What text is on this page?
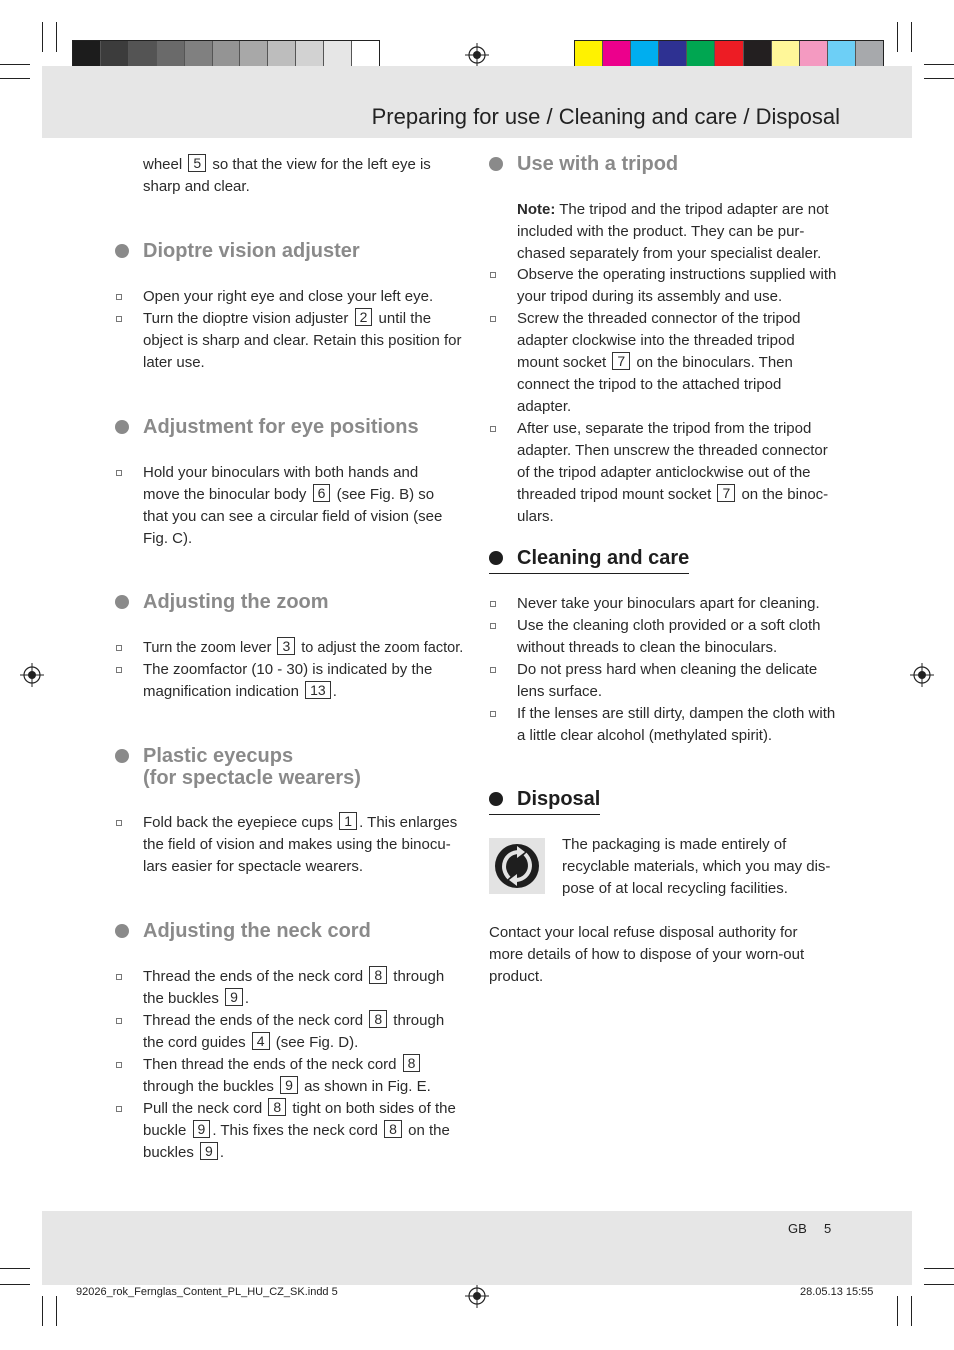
Preparing for use / Cleaning and care / Disposal
GB 5
92026_rok_Fernglas_Content_PL_HU_CZ_SK.indd 5	28.05.13 15:55
wheel 5 so that the view for the left eye is sharp and clear.
Dioptre vision adjuster
Open your right eye and close your left eye.
Turn the dioptre vision adjuster 2 until the object is sharp and clear. Retain this position for later use.
Adjustment for eye positions
Hold your binoculars with both hands and move the binocular body 6 (see Fig. B) so that you can see a circular field of vision (see Fig. C).
Adjusting the zoom
Turn the zoom lever 3 to adjust the zoom factor.
The zoomfactor (10 - 30) is indicated by the magnification indication 13 .
Plastic eyecups
(for spectacle wearers)
Fold back the eyepiece cups 1 . This enlarges the field of vision and makes using the binocu-lars easier for spectacle wearers.
Adjusting the neck cord
Thread the ends of the neck cord 8 through the buckles 9 .
Thread the ends of the neck cord 8 through the cord guides 4 (see Fig. D).
Then thread the ends of the neck cord 8 through the buckles 9 as shown in Fig. E.
Pull the neck cord 8 tight on both sides of the buckle 9 . This fixes the neck cord 8 on the buckles 9 .
Use with a tripod
Note: The tripod and the tripod adapter are not included with the product. They can be pur-chased separately from your specialist dealer.
Observe the operating instructions supplied with your tripod during its assembly and use.
Screw the threaded connector of the tripod adapter clockwise into the threaded tripod mount socket 7 on the binoculars. Then connect the tripod to the attached tripod adapter.
After use, separate the tripod from the tripod adapter. Then unscrew the threaded connector of the tripod adapter anticlockwise out of the threaded tripod mount socket 7 on the binoc-ulars.
Cleaning and care
Never take your binoculars apart for cleaning.
Use the cleaning cloth provided or a soft cloth without threads to clean the binoculars.
Do not press hard when cleaning the delicate lens surface.
If the lenses are still dirty, dampen the cloth with a little clear alcohol (methylated spirit).
Disposal
The packaging is made entirely of recyclable materials, which you may dis-pose of at local recycling facilities.
Contact your local refuse disposal authority for more details of how to dispose of your worn-out product.
